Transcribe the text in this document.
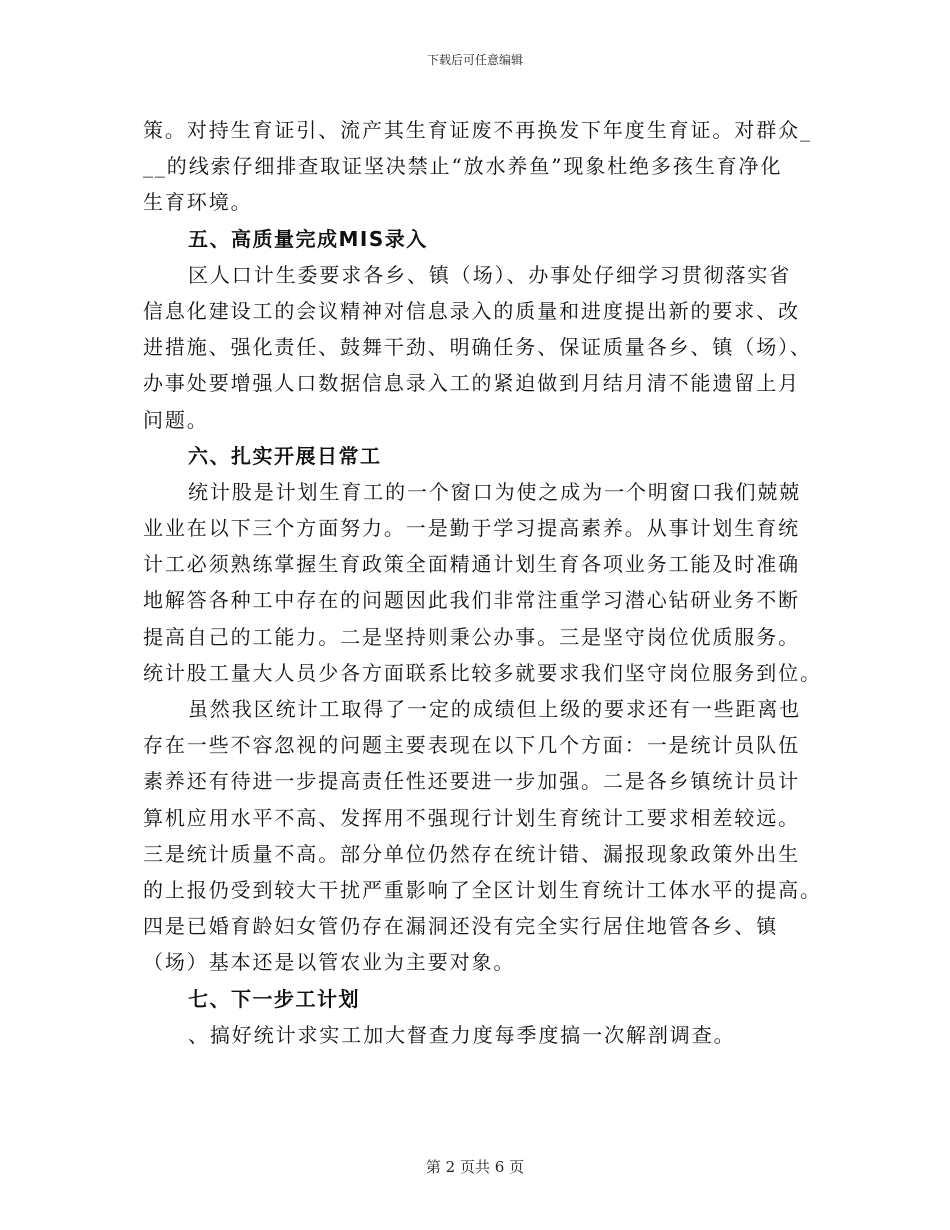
下载后可任意编辑
策。对持生育证引、流产其生育证废不再换发下年度生育证。对群众_
__的线索仔细排查取证坚决禁止“放水养鱼”现象杜绝多孩生育净化
生育环境。
五、高质量完成MIS录入
区人口计生委要求各乡、镇（场）、办事处仔细学习贯彻落实省
信息化建设工的会议精神对信息录入的质量和进度提出新的要求、改
进措施、强化责任、鼓舞干劲、明确任务、保证质量各乡、镇（场）、
办事处要增强人口数据信息录入工的紧迫做到月结月清不能遗留上月
问题。
六、扎实开展日常工
统计股是计划生育工的一个窗口为使之成为一个明窗口我们兢兢
业业在以下三个方面努力。一是勤于学习提高素养。从事计划生育统
计工必须熟练掌握生育政策全面精通计划生育各项业务工能及时准确
地解答各种工中存在的问题因此我们非常注重学习潜心钻研业务不断
提高自己的工能力。二是坚持则秉公办事。三是坚守岗位优质服务。
统计股工量大人员少各方面联系比较多就要求我们坚守岗位服务到位。
虽然我区统计工取得了一定的成绩但上级的要求还有一些距离也
存在一些不容忽视的问题主要表现在以下几个方面：一是统计员队伍
素养还有待进一步提高责任性还要进一步加强。二是各乡镇统计员计
算机应用水平不高、发挥用不强现行计划生育统计工要求相差较远。
三是统计质量不高。部分单位仍然存在统计错、漏报现象政策外出生
的上报仍受到较大干扰严重影响了全区计划生育统计工体水平的提高。
四是已婚育龄妇女管仍存在漏洞还没有完全实行居住地管各乡、镇
（场）基本还是以管农业为主要对象。
七、下一步工计划
、搞好统计求实工加大督查力度每季度搞一次解剖调查。
第 2 页共 6 页
